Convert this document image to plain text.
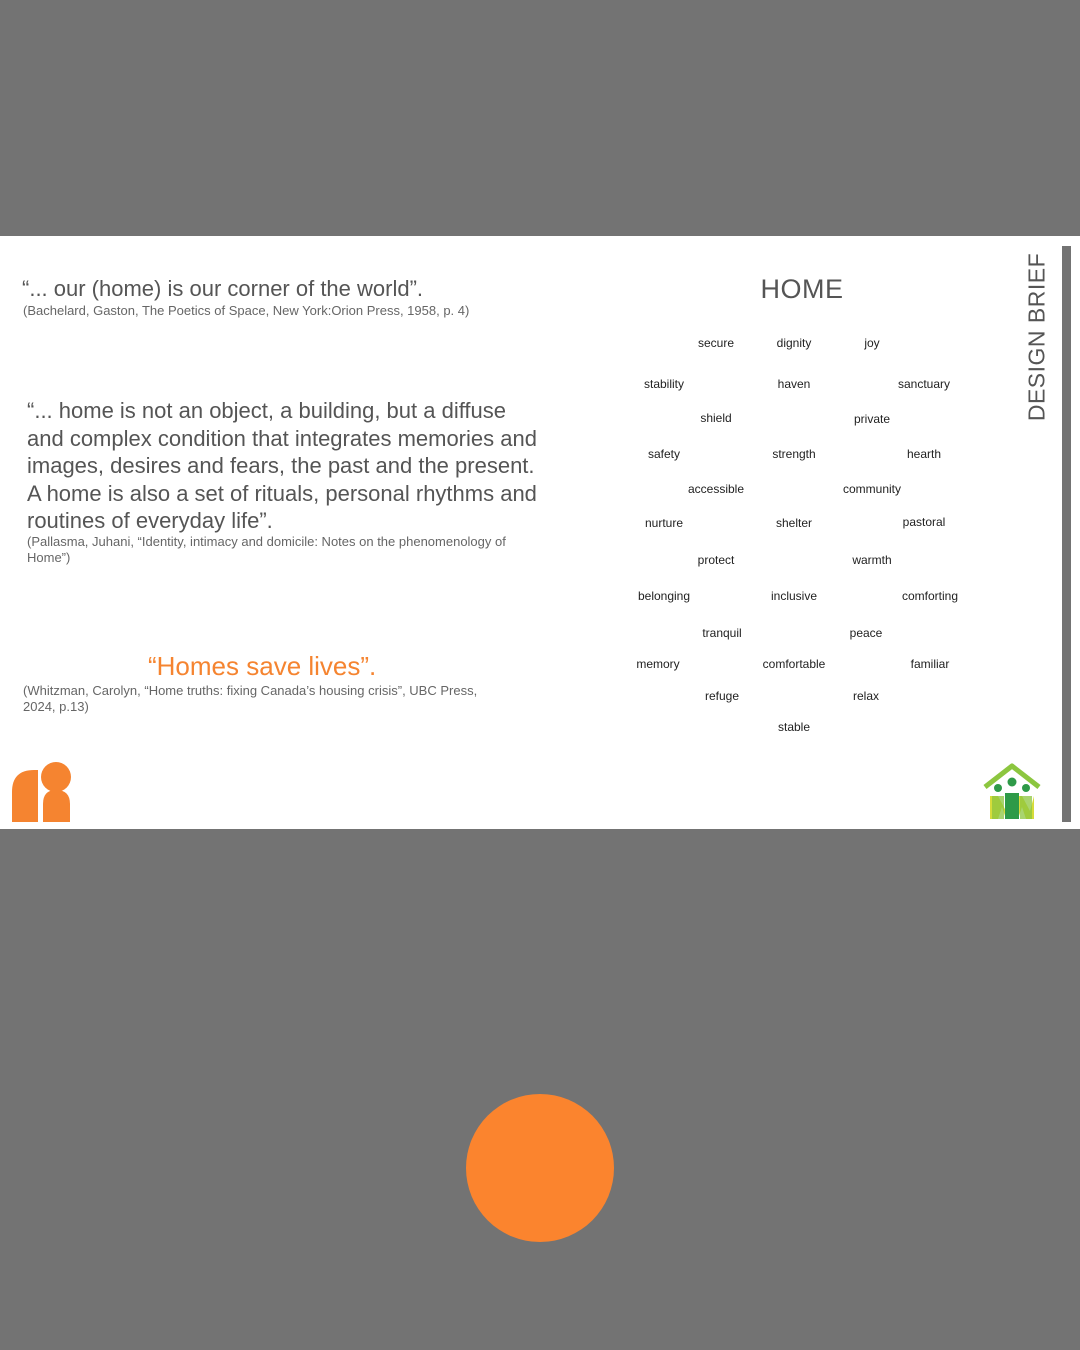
“... our (home) is our corner of the world”.
(Bachelard, Gaston, The Poetics of Space, New York:Orion Press, 1958, p. 4)
“... home is not an object, a building, but a diffuse and complex condition that integrates memories and images, desires and fears, the past and the present. A home is also a set of rituals, personal rhythms and routines of everyday life”.
(Pallasma, Juhani, “Identity, intimacy and domicile: Notes on the phenomenology of Home”)
“Homes save lives”.
(Whitzman, Carolyn, “Home truths: fixing Canada’s housing crisis”, UBC Press, 2024, p.13)
HOME
secure	dignity	joy
stability	haven	sanctuary
shield	private
safety	strength	hearth
accessible	community
nurture	shelter	pastoral
protect	warmth
belonging	inclusive	comforting
tranquil	peace
memory	comfortable	familiar
refuge	relax
stable
DESIGN BRIEF
